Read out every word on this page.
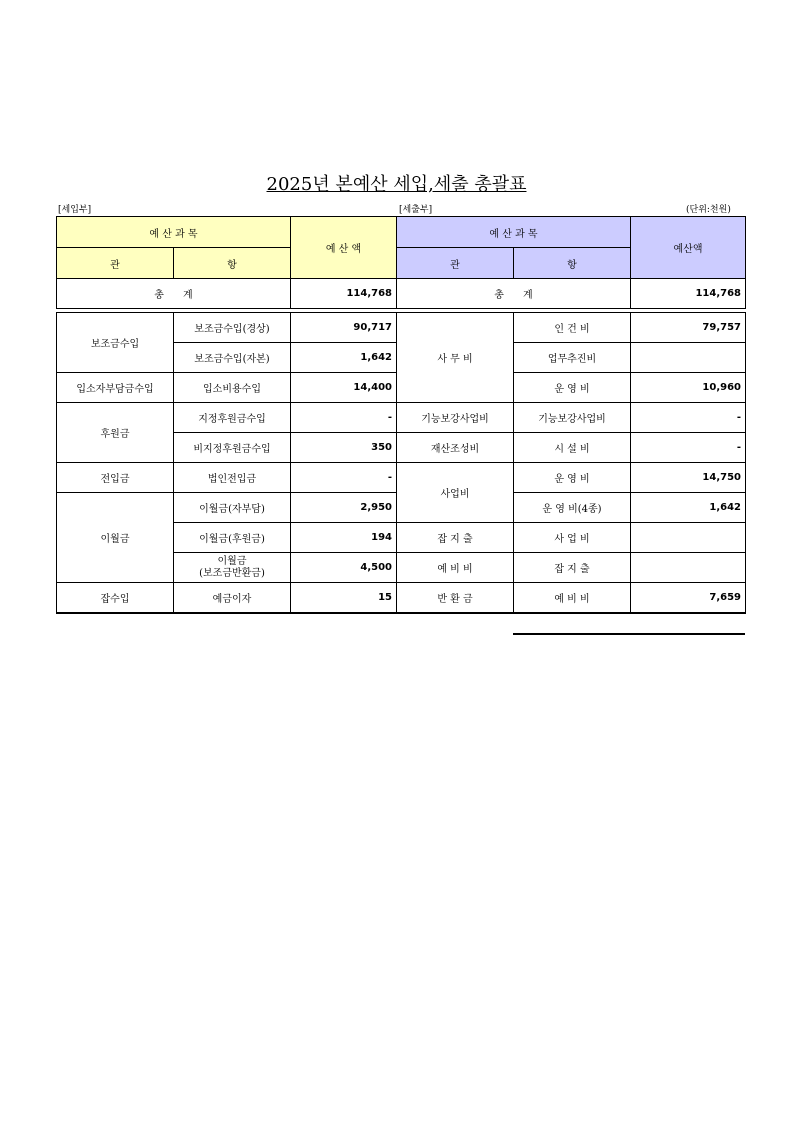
2025년 본예산 세입,세출 총괄표
[세입부]	[세출부]	(단위:천원)
예 산 과 목		예 산 액	예 산 과 목		예산액
관	항		관	항	
총      계		114,768	총      계		114,768

보조금수입	보조금수입(경상)	90,717	사 무 비	인 건 비	79,757
	보조금수입(자본)	1,642		업무추진비	
입소자부담금수입	입소비용수입	14,400		운 영 비	10,960
후원금	지정후원금수입	-	기능보강사업비	기능보강사업비	-
	비지정후원금수입	350	재산조성비	시 설 비	-
전입금	법인전입금	-	사업비	운 영 비	14,750
이월금	이월금(자부담)	2,950		운 영 비(4종)	1,642
	이월금(후원금)	194	잡 지 출	사 업 비	

	이월금
(보조금반환금)	4,500	예 비 비	잡 지 출	
잡수입	예금이자	15	반 환 금	예 비 비	7,659
